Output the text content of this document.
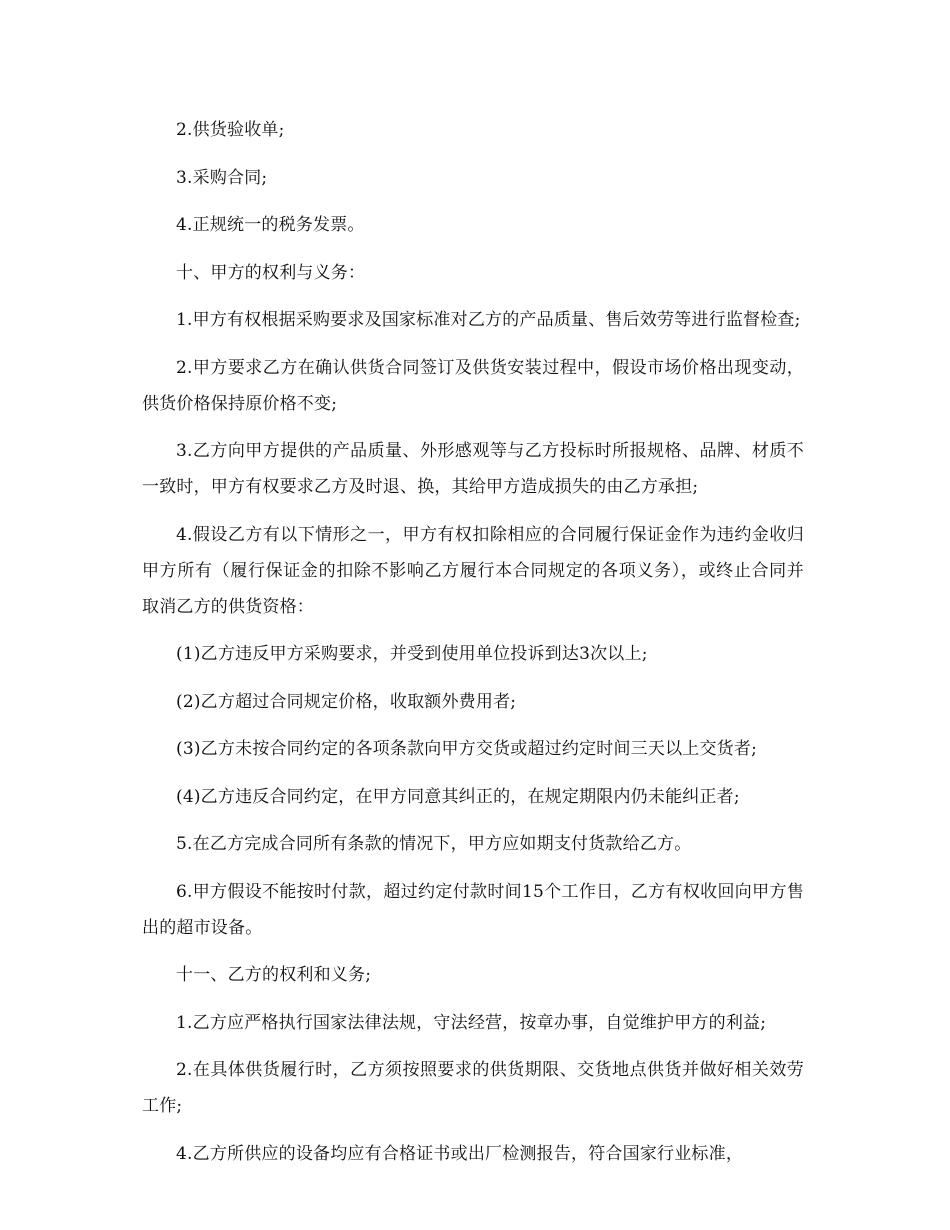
2.供货验收单;

3.采购合同;

4.正规统一的税务发票。

十、甲方的权利与义务：

1.甲方有权根据采购要求及国家标准对乙方的产品质量、售后效劳等进行监督检查;

2.甲方要求乙方在确认供货合同签订及供货安装过程中，假设市场价格出现变动，供货价格保持原价格不变;

3.乙方向甲方提供的产品质量、外形感观等与乙方投标时所报规格、品牌、材质不一致时，甲方有权要求乙方及时退、换，其给甲方造成损失的由乙方承担;

4.假设乙方有以下情形之一，甲方有权扣除相应的合同履行保证金作为违约金收归甲方所有（履行保证金的扣除不影响乙方履行本合同规定的各项义务），或终止合同并取消乙方的供货资格：

(1)乙方违反甲方采购要求，并受到使用单位投诉到达3次以上;

(2)乙方超过合同规定价格，收取额外费用者;

(3)乙方未按合同约定的各项条款向甲方交货或超过约定时间三天以上交货者;

(4)乙方违反合同约定，在甲方同意其纠正的，在规定期限内仍未能纠正者;

5.在乙方完成合同所有条款的情况下，甲方应如期支付货款给乙方。

6.甲方假设不能按时付款，超过约定付款时间15个工作日，乙方有权收回向甲方售出的超市设备。

十一、乙方的权利和义务;

1.乙方应严格执行国家法律法规，守法经营，按章办事，自觉维护甲方的利益;

2.在具体供货履行时，乙方须按照要求的供货期限、交货地点供货并做好相关效劳工作;

4.乙方所供应的设备均应有合格证书或出厂检测报告，符合国家行业标准，
